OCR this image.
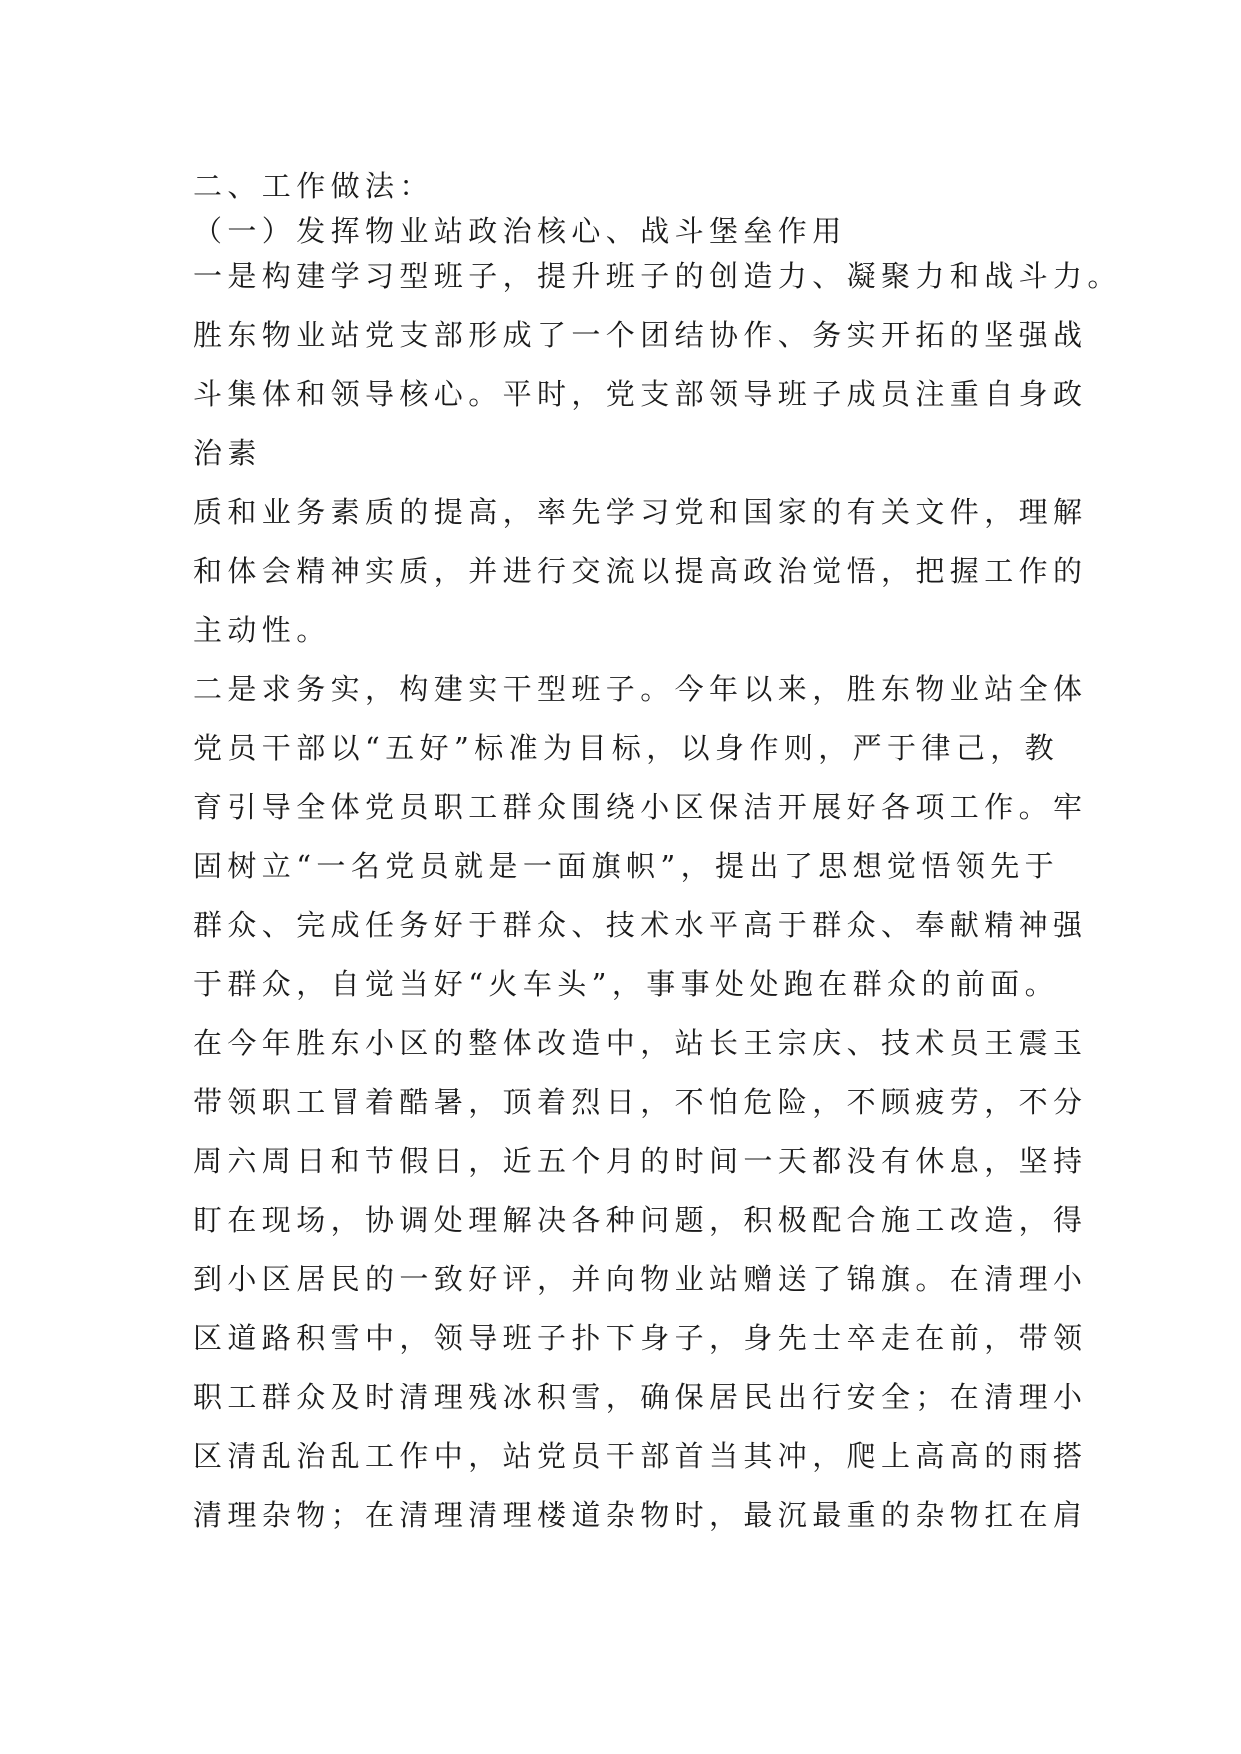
二、工作做法：
（一）发挥物业站政治核心、战斗堡垒作用
一是构建学习型班子，提升班子的创造力、凝聚力和战斗力。
胜东物业站党支部形成了一个团结协作、务实开拓的坚强战
斗集体和领导核心。平时，党支部领导班子成员注重自身政
治素
质和业务素质的提高，率先学习党和国家的有关文件，理解
和体会精神实质，并进行交流以提高政治觉悟，把握工作的
主动性。
二是求务实，构建实干型班子。今年以来，胜东物业站全体
党员干部以“五好”标准为目标，以身作则，严于律己，教
育引导全体党员职工群众围绕小区保洁开展好各项工作。牢
固树立“一名党员就是一面旗帜”，提出了思想觉悟领先于
群众、完成任务好于群众、技术水平高于群众、奉献精神强
于群众，自觉当好“火车头”，事事处处跑在群众的前面。
在今年胜东小区的整体改造中，站长王宗庆、技术员王震玉
带领职工冒着酷暑，顶着烈日，不怕危险，不顾疲劳，不分
周六周日和节假日，近五个月的时间一天都没有休息，坚持
盯在现场，协调处理解决各种问题，积极配合施工改造，得
到小区居民的一致好评，并向物业站赠送了锦旗。在清理小
区道路积雪中，领导班子扑下身子，身先士卒走在前，带领
职工群众及时清理残冰积雪，确保居民出行安全；在清理小
区清乱治乱工作中，站党员干部首当其冲，爬上高高的雨搭
清理杂物；在清理清理楼道杂物时，最沉最重的杂物扛在肩
